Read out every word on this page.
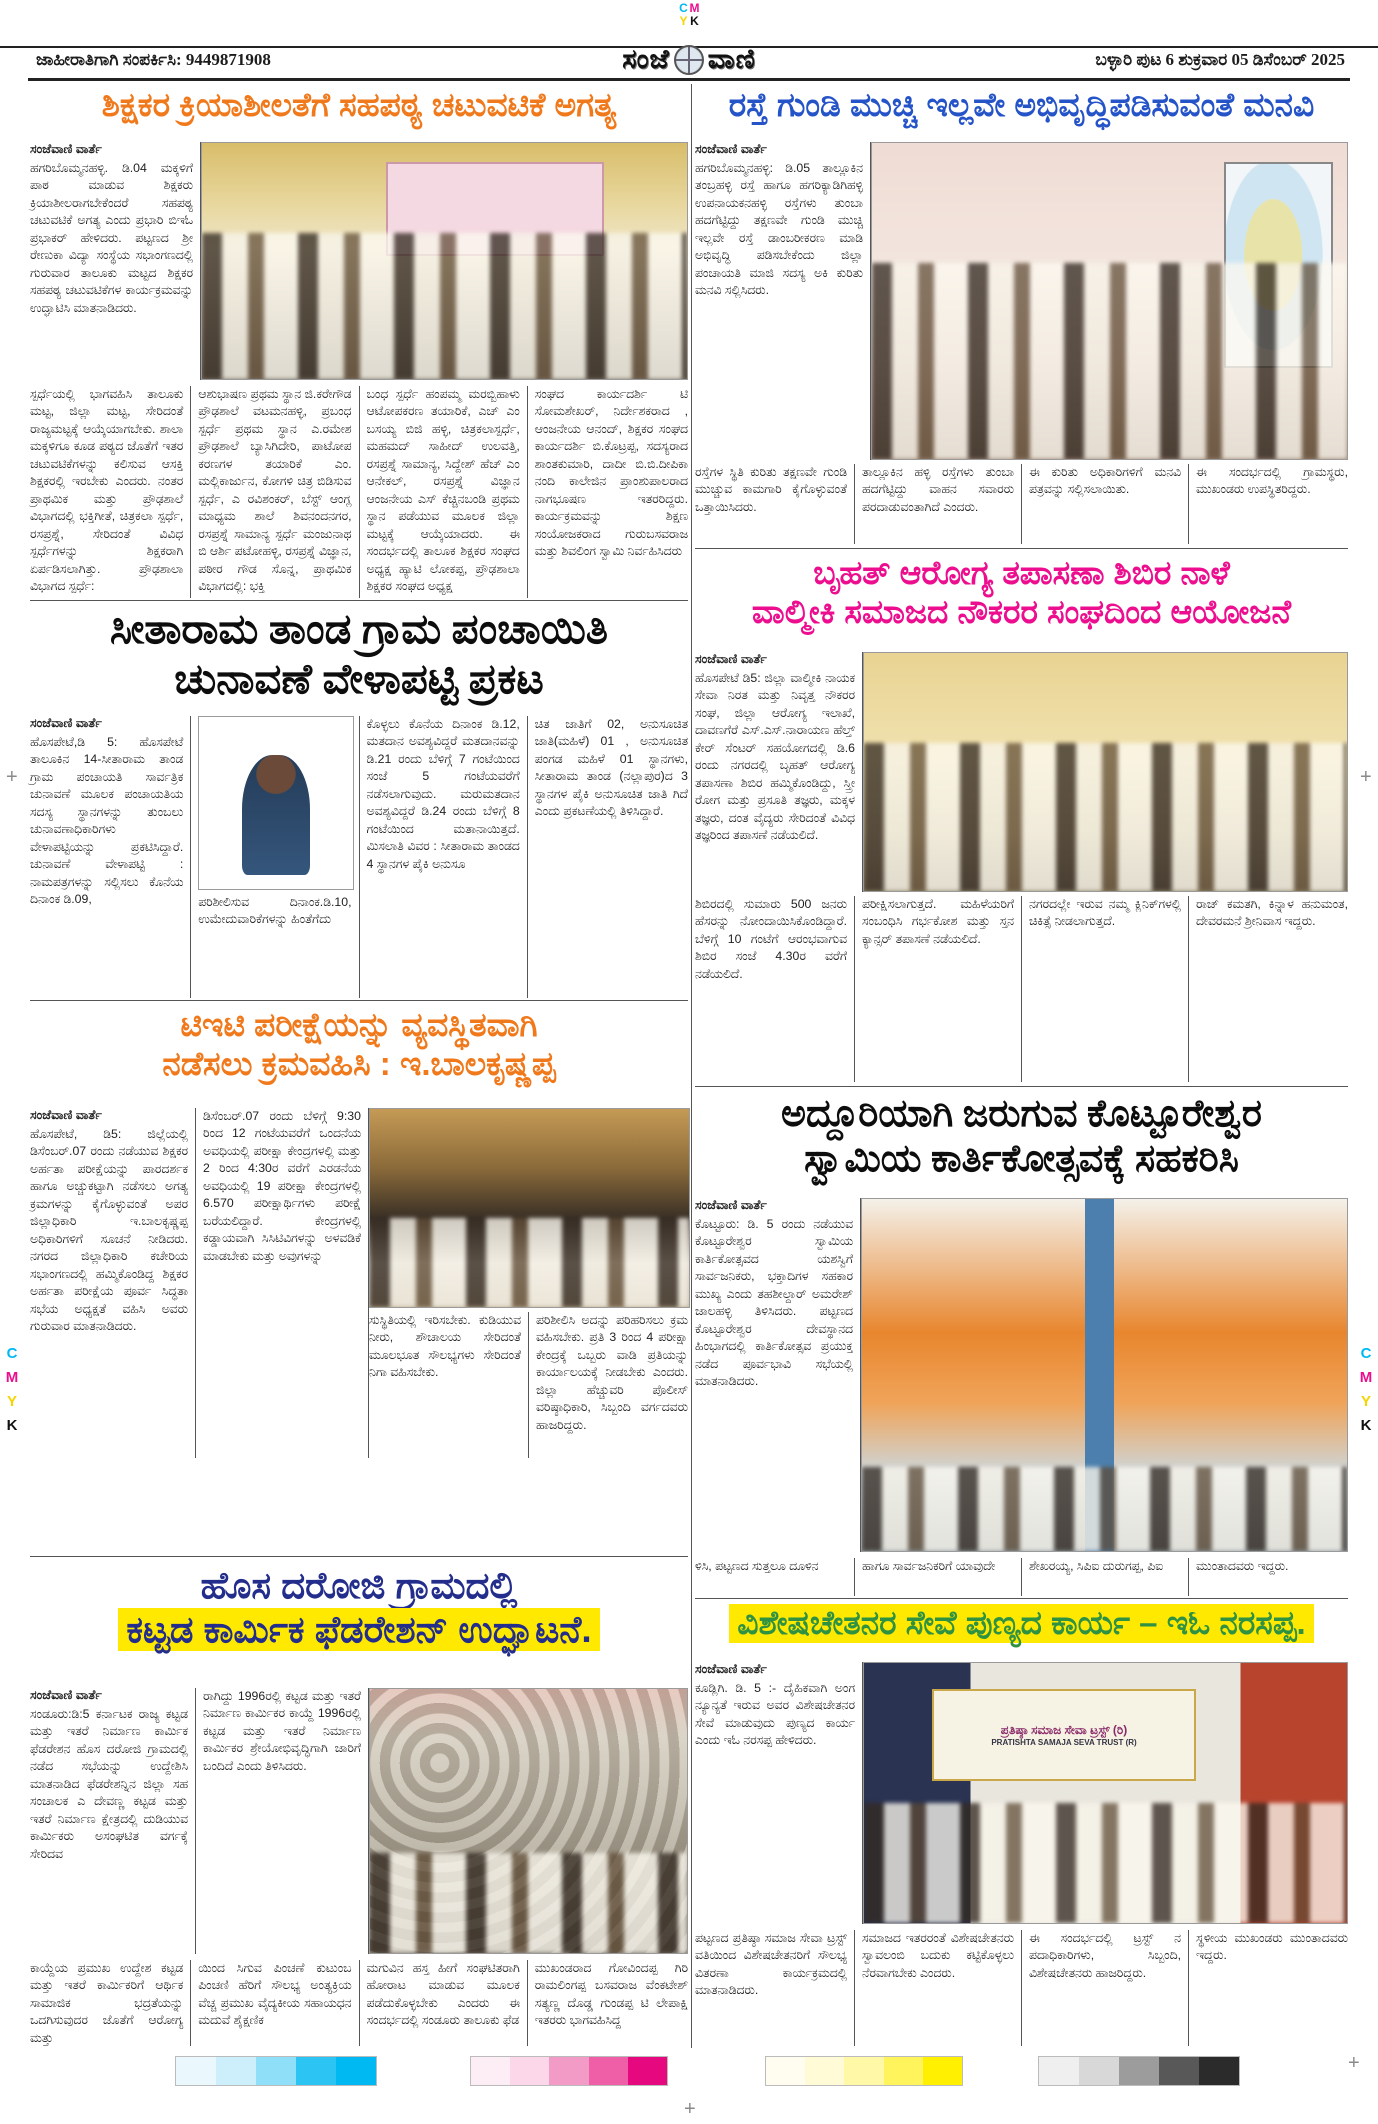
C M
Y K
ಜಾಹೀರಾತಿಗಾಗಿ ಸಂಪರ್ಕಿಸಿ: 9449871908	ಸಂಜೆ ವಾಣಿ	ಬಳ್ಳಾರಿ ಪುಟ 6 ಶುಕ್ರವಾರ 05 ಡಿಸೆಂಬರ್ 2025
ಶಿಕ್ಷಕರ ಕ್ರಿಯಾಶೀಲತೆಗೆ ಸಹಪಠ್ಯ ಚಟುವಟಿಕೆ ಅಗತ್ಯ
ಸಂಜೆವಾಣಿ ವಾರ್ತೆ
ಹಗರಿಬೊಮ್ಮನಹಳ್ಳಿ. ಡಿ.04 ಮಕ್ಕಳಿಗೆ ಪಾಠ ಮಾಡುವ ಶಿಕ್ಷಕರು ಕ್ರಿಯಾಶೀಲರಾಗಬೇಕೆಂದರೆ ಸಹಪಠ್ಯ ಚಟುವಟಿಕೆ ಅಗತ್ಯ ಎಂದು ಪ್ರಭಾರಿ ಬಿಇಓ ಪ್ರಭಾಕರ್ ಹೇಳಿದರು. ಪಟ್ಟಣದ ಶ್ರೀ ರೇಣುಕಾ ವಿದ್ಯಾ ಸಂಸ್ಥೆಯ ಸಭಾಂಗಣದಲ್ಲಿ ಗುರುವಾರ ತಾಲೂಕು ಮಟ್ಟದ ಶಿಕ್ಷಕರ ಸಹಪಠ್ಯ ಚಟುವಟಿಕೆಗಳ ಕಾರ್ಯಕ್ರಮವನ್ನು ಉದ್ಘಾಟಿಸಿ ಮಾತನಾಡಿದರು.
ಸ್ಪರ್ಧೆಯಲ್ಲಿ ಭಾಗವಹಿಸಿ ತಾಲೂಕು ಮಟ್ಟ, ಜಿಲ್ಲಾ ಮಟ್ಟ, ಸೇರಿದಂತೆ ರಾಜ್ಯಮಟ್ಟಕ್ಕೆ ಆಯ್ಕೆಯಾಗಬೇಕು. ಶಾಲಾ ಮಕ್ಕಳಿಗೂ ಕೂಡ ಪಠ್ಯದ ಜೊತೆಗೆ ಇತರ ಚಟುವಟಿಕೆಗಳನ್ನು ಕಲಿಸುವ ಆಸಕ್ತಿ ಶಿಕ್ಷಕರಲ್ಲಿ ಇರಬೇಕು ಎಂದರು. ನಂತರ ಪ್ರಾಥಮಿಕ ಮತ್ತು ಪ್ರೌಢಶಾಲೆ ವಿಭಾಗದಲ್ಲಿ ಭಕ್ತಿಗೀತೆ, ಚಿತ್ರಕಲಾ ಸ್ಪರ್ಧೆ, ರಸಪ್ರಶ್ನೆ, ಸೇರಿದಂತೆ ವಿವಿಧ ಸ್ಪರ್ಧೆಗಳನ್ನು ಶಿಕ್ಷಕರಾಗಿ ಏರ್ಪಡಿಸಲಾಗಿತ್ತು. ಪ್ರೌಢಶಾಲಾ ವಿಭಾಗದ ಸ್ಪರ್ಧೆ:
ಆಶುಭಾಷಣ ಪ್ರಥಮ ಸ್ಥಾನ ಜಿ.ಕರೇಗೌಡ ಪ್ರೌಢಶಾಲೆ ವಟಮನಹಳ್ಳಿ, ಪ್ರಬಂಧ ಸ್ಪರ್ಧೆ ಪ್ರಥಮ ಸ್ಥಾನ ಎ.ರಮೇಶ ಪ್ರೌಢಶಾಲೆ ಬ್ಯಾಸಿಗಿದೇರಿ, ಪಾಟೋಪ ಕರಣಗಳ ತಯಾರಿಕೆ ಎಂ. ಮಲ್ಲಿಕಾರ್ಜುನ, ಕೋಗಳಿ ಚಿತ್ರ ಬಿಡಿಸುವ ಸ್ಪರ್ಧೆ, ಎ ರವಿಶಂಕರ್, ಬೆಸ್ಟ್ ಆಂಗ್ಲ ಮಾಧ್ಯಮ ಶಾಲೆ ಶಿವನಂದನಗರ, ರಸಪ್ರಶ್ನೆ ಸಾಮಾನ್ಯ ಸ್ಪರ್ಧೆ ಮಂಜುನಾಥ ಬಿ ಆರ್ಶಿ ಪಟೋಹಳ್ಳಿ, ರಸಪ್ರಶ್ನೆ ವಿಜ್ಞಾನ, ಪಠೀರ ಗೌಡ ಸೊನ್ನ, ಪ್ರಾಥಮಿಕ ವಿಭಾಗದಲ್ಲಿ: ಭಕ್ತಿ
ಬಂಧ ಸ್ಪರ್ಧೆ ಹಂಪಮ್ಮ ಮರಬ್ಬಿಹಾಳು ಆಟೋಪಕರಣ ತಯಾರಿಕೆ, ಎಚ್ ಎಂ ಬಸಯ್ಯ ಬಿಜಿ ಹಳ್ಳಿ, ಚಿತ್ರಕಲಾಸ್ಪರ್ಧೆ, ಮಹಮದ್ ಸಾಹೀದ್ ಉಲವತ್ತಿ, ರಸಪ್ರಶ್ನೆ ಸಾಮಾನ್ಯ, ಸಿದ್ದೇಶ್ ಹೆಚ್ ಎಂ ಆನೇಕಲ್, ರಸಪ್ರಶ್ನೆ ವಿಜ್ಞಾನ ಆಂಜನೇಯ ಎಸ್ ಕೆಚ್ಚಿನಬಂಡಿ ಪ್ರಥಮ ಸ್ಥಾನ ಪಡೆಯುವ ಮೂಲಕ ಜಿಲ್ಲಾ ಮಟ್ಟಕ್ಕೆ ಆಯ್ಕೆಯಾದರು. ಈ ಸಂದರ್ಭದಲ್ಲಿ ತಾಲೂಕ ಶಿಕ್ಷಕರ ಸಂಘದ ಅಧ್ಯಕ್ಷ ಹ್ಯಾಟಿ ಲೋಕಪ್ಪ, ಪ್ರೌಢಶಾಲಾ ಶಿಕ್ಷಕರ ಸಂಘದ ಅಧ್ಯಕ್ಷ
ಸಂಘದ ಕಾರ್ಯದರ್ಶಿ ಟಿ ಸೋಮಶೇಖರ್, ನಿರ್ದೇಶಕರಾದ , ಆಂಜನೇಯ ಆನಂದ್, ಶಿಕ್ಷಕರ ಸಂಘದ ಕಾರ್ಯದರ್ಶಿ ಬಿ.ಕೊಟ್ರಪ್ಪ, ಸದಸ್ಯರಾದ ಶಾಂತಕುಮಾರಿ, ದಾದೀ ಬಿ.ಬಿ.ದೀಪಿಕಾ ನಂದಿ ಕಾಲೇಜಿನ ಪ್ರಾಂಶುಪಾಲರಾದ ನಾಗಭೂಷಣ ಇತರರಿದ್ದರು. ಕಾರ್ಯಕ್ರಮವನ್ನು ಶಿಕ್ಷಣ ಸಂಯೋಜಕರಾದ ಗುರುಬಸವರಾಜ ಮತ್ತು ಶಿವಲಿಂಗ ಸ್ವಾಮಿ ನಿರ್ವಹಿಸಿದರು
ಸೀತಾರಾಮ ತಾಂಡ ಗ್ರಾಮ ಪಂಚಾಯಿತಿ
ಚುನಾವಣೆ ವೇಳಾಪಟ್ಟಿ ಪ್ರಕಟ
ಸಂಜೆವಾಣಿ ವಾರ್ತೆ
ಹೊಸಪೇಟೆ,ಡಿ 5: ಹೊಸಪೇಟೆ ತಾಲೂಕಿನ 14-ಸೀತಾರಾಮ ತಾಂಡ ಗ್ರಾಮ ಪಂಚಾಯತಿ ಸಾರ್ವತ್ರಿಕ ಚುನಾವಣೆ ಮೂಲಕ ಪಂಚಾಯತಿಯ ಸದಸ್ಯ ಸ್ಥಾನಗಳನ್ನು ತುಂಬಲು ಚುನಾವಣಾಧಿಕಾರಿಗಳು ವೇಳಾಪಟ್ಟಿಯನ್ನು ಪ್ರಕಟಿಸಿದ್ದಾರೆ. ಚುನಾವಣೆ ವೇಳಾಪಟ್ಟಿ : ನಾಮಪತ್ರಗಳನ್ನು ಸಲ್ಲಿಸಲು ಕೊನೆಯ ದಿನಾಂಕ ಡಿ.09,	ಪರಿಶೀಲಿಸುವ ದಿನಾಂಕ.ಡಿ.10, ಉಮೇದುವಾರಿಕೆಗಳನ್ನು ಹಿಂತೆಗೆದು
ಕೊಳ್ಳಲು ಕೊನೆಯ ದಿನಾಂಕ ಡಿ.12, ಮತದಾನ ಅವಶ್ಯವಿದ್ದರೆ ಮತದಾನವನ್ನು ಡಿ.21 ರಂದು ಬೆಳಿಗ್ಗೆ 7 ಗಂಟೆಯಿಂದ ಸಂಜೆ 5 ಗಂಟೆಯವರೆಗೆ ನಡೆಸಲಾಗುವುದು. ಮರುಮತದಾನ ಅವಶ್ಯವಿದ್ದರೆ ಡಿ.24 ರಂದು ಬೆಳಿಗ್ಗೆ 8 ಗಂಟೆಯಿಂದ ಮತಾನಾಯಿತ್ತದೆ. ಮಿಸಲಾತಿ ವಿವರ : ಸೀತಾರಾಮ ತಾಂಡದ 4 ಸ್ಥಾನಗಳ ಪೈಕಿ ಅನುಸೂ
ಚಿತ ಜಾತಿಗೆ 02, ಅನುಸೂಚಿತ ಜಾತಿ(ಮಹಿಳೆ) 01 , ಅನುಸೂಚಿತ ಪಂಗಡ ಮಹಿಳೆ 01 ಸ್ಥಾನಗಳು, ಸೀತಾರಾಮ ತಾಂಡ (ನಲ್ಲಾಪುರ)ದ 3 ಸ್ಥಾನಗಳ ಪೈಕಿ ಅನುಸೂಚಿತ ಜಾತಿ ಗಿದೆ ಎಂದು ಪ್ರಕಟಣೆಯಲ್ಲಿ ತಿಳಿಸಿದ್ದಾರೆ.
ಟಿಇಟಿ ಪರೀಕ್ಷೆಯನ್ನು ವ್ಯವಸ್ಥಿತವಾಗಿ
ನಡೆಸಲು ಕ್ರಮವಹಿಸಿ : ಇ.ಬಾಲಕೃಷ್ಣಪ್ಪ
ಸಂಜೆವಾಣಿ ವಾರ್ತೆ
ಹೊಸಪೇಟೆ, ಡಿ5: ಜಿಲ್ಲೆಯಲ್ಲಿ ಡಿಸೆಂಬರ್.07 ರಂದು ನಡೆಯುವ ಶಿಕ್ಷಕರ ಅರ್ಹತಾ ಪರೀಕ್ಷೆಯನ್ನು ಪಾರದರ್ಶಕ ಹಾಗೂ ಅಚ್ಚುಕಟ್ಟಾಗಿ ನಡೆಸಲು ಅಗತ್ಯ ಕ್ರಮಗಳನ್ನು ಕೈಗೊಳ್ಳುವಂತೆ ಅಪರ ಜಿಲ್ಲಾಧಿಕಾರಿ ಇ.ಬಾಲಕೃಷ್ಣಪ್ಪ ಅಧಿಕಾರಿಗಳಿಗೆ ಸೂಚನೆ ನೀಡಿದರು. ನಗರದ ಜಿಲ್ಲಾಧಿಕಾರಿ ಕಚೇರಿಯ ಸಭಾಂಗಣದಲ್ಲಿ ಹಮ್ಮಿಕೊಂಡಿದ್ದ ಶಿಕ್ಷಕರ ಅರ್ಹತಾ ಪರೀಕ್ಷೆಯ ಪೂರ್ವ ಸಿದ್ಧತಾ ಸಭೆಯ ಅಧ್ಯಕ್ಷತೆ ವಹಿಸಿ ಅವರು ಗುರುವಾರ ಮಾತನಾಡಿದರು.
ಡಿಸೆಂಬರ್.07 ರಂದು ಬೆಳಿಗ್ಗೆ 9:30 ರಿಂದ 12 ಗಂಟೆಯವರೆಗೆ ಒಂದನೆಯ ಅವಧಿಯಲ್ಲಿ ಪರೀಕ್ಷಾ ಕೇಂದ್ರಗಳಲ್ಲಿ ಮತ್ತು 2 ರಿಂದ 4:30ರ ವರೆಗೆ ಎರಡನೆಯ ಅವಧಿಯಲ್ಲಿ 19 ಪರೀಕ್ಷಾ ಕೇಂದ್ರಗಳಲ್ಲಿ 6.570 ಪರೀಕ್ಷಾರ್ಥಿಗಳು ಪರೀಕ್ಷೆ ಬರೆಯಲಿದ್ದಾರೆ. ಕೇಂದ್ರಗಳಲ್ಲಿ ಕಡ್ಡಾಯವಾಗಿ ಸಿಸಿಟಿವಿಗಳನ್ನು ಅಳವಡಿಕೆ ಮಾಡಬೇಕು ಮತ್ತು ಅವುಗಳನ್ನು
ಸುಸ್ಥಿತಿಯಲ್ಲಿ ಇರಿಸಬೇಕು. ಕುಡಿಯುವ ನೀರು, ಶೌಚಾಲಯ ಸೇರಿದಂತೆ ಮೂಲಭೂತ ಸೌಲಭ್ಯಗಳು ಸೇರಿದಂತೆ ನಿಗಾ ವಹಿಸಬೇಕು.
ಪರಿಶೀಲಿಸಿ ಅದನ್ನು ಪರಿಹರಿಸಲು ಕ್ರಮ ವಹಿಸಬೇಕು. ಪ್ರತಿ 3 ರಿಂದ 4 ಪರೀಕ್ಷಾ ಕೇಂದ್ರಕ್ಕೆ ಒಬ್ಬರು ವಾಡಿ ಪ್ರತಿಯನ್ನು ಕಾರ್ಯಾಲಯಕ್ಕೆ ನೀಡಬೇಕು ಎಂದರು. ಜಿಲ್ಲಾ ಹೆಚ್ಚುವರಿ ಪೊಲೀಸ್ ವರಿಷ್ಠಾಧಿಕಾರಿ, ಸಿಬ್ಬಂದಿ ವರ್ಗದವರು ಹಾಜರಿದ್ದರು.
ಹೊಸ ದರೋಜಿ ಗ್ರಾಮದಲ್ಲಿ
ಕಟ್ಟಡ ಕಾರ್ಮಿಕ ಫೆಡರೇಶನ್ ಉದ್ಘಾಟನೆ.
ಸಂಜೆವಾಣಿ ವಾರ್ತೆ
ಸಂಡೂರು:ಡಿ:5 ಕರ್ನಾಟಕ ರಾಜ್ಯ ಕಟ್ಟಡ ಮತ್ತು ಇತರೆ ನಿರ್ಮಾಣ ಕಾರ್ಮಿಕ ಫೆಡರೇಶನ ಹೊಸ ದರೋಜಿ ಗ್ರಾಮದಲ್ಲಿ ನಡೆದ ಸಭೆಯನ್ನು ಉದ್ದೇಶಿಸಿ ಮಾತನಾಡಿದ ಫೆಡರೇಶನ್ನಿನ ಜಿಲ್ಲಾ ಸಹ ಸಂಚಾಲಕ ಎ ದೇವಣ್ಣ ಕಟ್ಟಡ ಮತ್ತು ಇತರೆ ನಿರ್ಮಾಣ ಕ್ಷೇತ್ರದಲ್ಲಿ ದುಡಿಯುವ ಕಾರ್ಮಿಕರು ಅಸಂಘಟಿತ ವರ್ಗಕ್ಕೆ ಸೇರಿದವ
ರಾಗಿದ್ದು 1996ರಲ್ಲಿ ಕಟ್ಟಡ ಮತ್ತು ಇತರೆ ನಿರ್ಮಾಣ ಕಾರ್ಮಿಕರ ಕಾಯ್ದೆ 1996ರಲ್ಲಿ ಕಟ್ಟಡ ಮತ್ತು ಇತರೆ ನಿರ್ಮಾಣ ಕಾರ್ಮಿಕರ ಶ್ರೇಯೋಭಿವೃದ್ಧಿಗಾಗಿ ಜಾರಿಗೆ ಬಂದಿದೆ ಎಂದು ತಿಳಿಸಿದರು.
ಕಾಯ್ದೆಯ ಪ್ರಮುಖ ಉದ್ದೇಶ ಕಟ್ಟಡ ಮತ್ತು ಇತರೆ ಕಾರ್ಮಿಕರಿಗೆ ಆರ್ಥಿಕ ಸಾಮಾಜಿಕ ಭದ್ರತೆಯನ್ನು ಒದಗಿಸುವುದರ ಜೊತೆಗೆ ಆರೋಗ್ಯ ಮತ್ತು
ಯಿಂದ ಸಿಗುವ ಪಿಂಚಣೆ ಕುಟುಂಬ ಪಿಂಚಣಿ ಹೆರಿಗೆ ಸೌಲಭ್ಯ ಅಂತ್ಯಕ್ರಿಯ ವೆಚ್ಚ ಪ್ರಮುಖ ವೈದ್ಯಕೀಯ ಸಹಾಯಧನ ಮದುವೆ ಶೈಕ್ಷಣಿಕ
ಮಗುವಿನ ಹಸ್ತ ಹೀಗೆ ಸಂಘಟಿತರಾಗಿ ಹೋರಾಟ ಮಾಡುವ ಮೂಲಕ ಪಡೆದುಕೊಳ್ಳಬೇಕು ಎಂದರು ಈ ಸಂದರ್ಭದಲ್ಲಿ ಸಂಡೂರು ತಾಲೂಕು ಫೆಡ
ಮುಖಂಡರಾದ ಗೋವಿಂದಪ್ಪ ಗಿರಿ ರಾಮಲಿಂಗಪ್ಪ ಬಸವರಾಜ ವೆಂಕಟೇಶ್ ಸತ್ಯಣ್ಣ ದೊಡ್ಡ ಗುಂಡಪ್ಪ ಟಿ ಲೇಪಾಕ್ಷಿ ಇತರರು ಭಾಗವಹಿಸಿದ್ದ
ರಸ್ತೆ ಗುಂಡಿ ಮುಚ್ಚಿ ಇಲ್ಲವೇ ಅಭಿವೃದ್ಧಿಪಡಿಸುವಂತೆ ಮನವಿ
ಸಂಜೆವಾಣಿ ವಾರ್ತೆ
ಹಗರಿಬೊಮ್ಮನಹಳ್ಳಿ: ಡಿ.05 ತಾಲ್ಲೂಕಿನ ತಂಬ್ರಹಳ್ಳಿ ರಸ್ತೆ ಹಾಗೂ ಹಗರಿಕ್ಯಾಡಿಗಿಹಳ್ಳಿ ಉಪನಾಯಕನಹಳ್ಳಿ ರಸ್ತೆಗಳು ತುಂಬಾ ಹದಗೆಟ್ಟಿದ್ದು ತಕ್ಷಣವೇ ಗುಂಡಿ ಮುಚ್ಚಿ ಇಲ್ಲವೇ ರಸ್ತೆ ಡಾಂಬರೀಕರಣ ಮಾಡಿ ಅಭಿವೃದ್ಧಿ ಪಡಿಸಬೇಕೆಂದು ಜಿಲ್ಲಾ ಪಂಚಾಯತಿ ಮಾಜಿ ಸದಸ್ಯ ಅಕಿ ಕುರಿತು ಮನವಿ ಸಲ್ಲಿಸಿದರು.
ರಸ್ತೆಗಳ ಸ್ಥಿತಿ ಕುರಿತು ತಕ್ಷಣವೇ ಗುಂಡಿ ಮುಚ್ಚುವ ಕಾಮಗಾರಿ ಕೈಗೊಳ್ಳುವಂತೆ ಒತ್ತಾಯಿಸಿದರು.
ತಾಲ್ಲೂಕಿನ ಹಳ್ಳಿ ರಸ್ತೆಗಳು ತುಂಬಾ ಹದಗೆಟ್ಟಿದ್ದು ವಾಹನ ಸವಾರರು ಪರದಾಡುವಂತಾಗಿದೆ ಎಂದರು.
ಈ ಕುರಿತು ಅಧಿಕಾರಿಗಳಿಗೆ ಮನವಿ ಪತ್ರವನ್ನು ಸಲ್ಲಿಸಲಾಯಿತು.
ಈ ಸಂದರ್ಭದಲ್ಲಿ ಗ್ರಾಮಸ್ಥರು, ಮುಖಂಡರು ಉಪಸ್ಥಿತರಿದ್ದರು.
ಬೃಹತ್ ಆರೋಗ್ಯ ತಪಾಸಣಾ ಶಿಬಿರ ನಾಳೆ
ವಾಲ್ಮೀಕಿ ಸಮಾಜದ ನೌಕರರ ಸಂಘದಿಂದ ಆಯೋಜನೆ
ಸಂಜೆವಾಣಿ ವಾರ್ತೆ
ಹೊಸಪೇಟೆ ಡಿ5: ಜಿಲ್ಲಾ ವಾಲ್ಮೀಕಿ ನಾಯಕ ಸೇವಾ ನಿರತ ಮತ್ತು ನಿವೃತ್ತ ನೌಕರರ ಸಂಘ, ಜಿಲ್ಲಾ ಆರೋಗ್ಯ ಇಲಾಖೆ, ದಾವಣಗೆರೆ ಎಸ್.ಎಸ್.ನಾರಾಯಣ ಹೆಲ್ತ್ ಕೇರ್ ಸೆಂಟರ್ ಸಹಯೋಗದಲ್ಲಿ ಡಿ.6 ರಂದು ನಗರದಲ್ಲಿ ಬೃಹತ್ ಆರೋಗ್ಯ ತಪಾಸಣಾ ಶಿಬಿರ ಹಮ್ಮಿಕೊಂಡಿದ್ದು, ಸ್ತ್ರೀ ರೋಗ ಮತ್ತು ಪ್ರಸೂತಿ ತಜ್ಞರು, ಮಕ್ಕಳ ತಜ್ಞರು, ದಂತ ವೈದ್ಯರು ಸೇರಿದಂತೆ ವಿವಿಧ ತಜ್ಞರಿಂದ ತಪಾಸಣೆ ನಡೆಯಲಿದೆ.
ಶಿಬಿರದಲ್ಲಿ ಸುಮಾರು 500 ಜನರು ಹೆಸರನ್ನು ನೋಂದಾಯಿಸಿಕೊಂಡಿದ್ದಾರೆ. ಬೆಳಿಗ್ಗೆ 10 ಗಂಟೆಗೆ ಆರಂಭವಾಗುವ ಶಿಬಿರ ಸಂಜೆ 4.30ರ ವರೆಗೆ ನಡೆಯಲಿದೆ.
ಪರೀಕ್ಷಿಸಲಾಗುತ್ತದೆ. ಮಹಿಳೆಯರಿಗೆ ಸಂಬಂಧಿಸಿ ಗರ್ಭಕೋಶ ಮತ್ತು ಸ್ತನ ಕ್ಯಾನ್ಸರ್ ತಪಾಸಣೆ ನಡೆಯಲಿದೆ.
ನಗರದಲ್ಲೇ ಇರುವ ನಮ್ಮ ಕ್ಲಿನಿಕ್‌ಗಳಲ್ಲಿ ಚಿಕಿತ್ಸೆ ನೀಡಲಾಗುತ್ತದೆ.
ರಾಜ್ ಕಮತಗಿ, ಕಿನ್ನಾಳ ಹನುಮಂತ, ದೇವರಮನೆ ಶ್ರೀನಿವಾಸ ಇದ್ದರು.
ಅದ್ದೂರಿಯಾಗಿ ಜರುಗುವ ಕೊಟ್ಟೂರೇಶ್ವರ
ಸ್ವಾಮಿಯ ಕಾರ್ತಿಕೋತ್ಸವಕ್ಕೆ ಸಹಕರಿಸಿ
ಸಂಜೆವಾಣಿ ವಾರ್ತೆ
ಕೊಟ್ಟೂರು: ಡಿ. 5 ರಂದು ನಡೆಯುವ ಕೊಟ್ಟೂರೇಶ್ವರ ಸ್ವಾಮಿಯ ಕಾರ್ತಿಕೋತ್ಸವದ ಯಶಸ್ವಿಗೆ ಸಾರ್ವಜನಿಕರು, ಭಕ್ತಾದಿಗಳ ಸಹಕಾರ ಮುಖ್ಯ ಎಂದು ತಹಶೀಲ್ದಾರ್ ಅಮರೇಶ್ ಜಾಲಹಳ್ಳಿ ತಿಳಿಸಿದರು. ಪಟ್ಟಣದ ಕೊಟ್ಟೂರೇಶ್ವರ ದೇವಸ್ಥಾನದ ಹಿಂಭಾಗದಲ್ಲಿ ಕಾರ್ತಿಕೋತ್ಸವ ಪ್ರಯುಕ್ತ ನಡೆದ ಪೂರ್ವಭಾವಿ ಸಭೆಯಲ್ಲಿ ಮಾತನಾಡಿದರು.
ಳಿಸಿ, ಪಟ್ಟಣದ ಸುತ್ತಲೂ ದೂಳಿನ	ಹಾಗೂ ಸಾರ್ವಜನಿಕರಿಗೆ ಯಾವುದೇ	ಶೇಖರಯ್ಯ, ಸಿಪಿಐ ದುರುಗಪ್ಪ, ಪಿಐ	ಮುಂತಾದವರು ಇದ್ದರು.
ವಿಶೇಷಚೇತನರ ಸೇವೆ ಪುಣ್ಯದ ಕಾರ್ಯ – ಇಓ ನರಸಪ್ಪ.
ಸಂಜೆವಾಣಿ ವಾರ್ತೆ
ಕೂಡ್ಲಿಗಿ. ಡಿ. 5 :- ದೈಹಿಕವಾಗಿ ಅಂಗ ನ್ಯೂನ್ಯತೆ ಇರುವ ಅವರ ವಿಶೇಷಚೇತನರ ಸೇವೆ ಮಾಡುವುದು ಪುಣ್ಯದ ಕಾರ್ಯ ಎಂದು ಇಓ ನರಸಪ್ಪ ಹೇಳಿದರು.
ಪ್ರತಿಷ್ಠಾ ಸಮಾಜ ಸೇವಾ ಟ್ರಸ್ಟ್ (ರಿ)
PRATISHTA SAMAJA SEVA TRUST (R)
ಪಟ್ಟಣದ ಪ್ರತಿಷ್ಠಾ ಸಮಾಜ ಸೇವಾ ಟ್ರಸ್ಟ್ ವತಿಯಿಂದ ವಿಶೇಷಚೇತನರಿಗೆ ಸೌಲಭ್ಯ ವಿತರಣಾ ಕಾರ್ಯಕ್ರಮದಲ್ಲಿ ಮಾತನಾಡಿದರು.
ಸಮಾಜದ ಇತರರಂತೆ ವಿಶೇಷಚೇತನರು ಸ್ವಾವಲಂಬಿ ಬದುಕು ಕಟ್ಟಿಕೊಳ್ಳಲು ನೆರವಾಗಬೇಕು ಎಂದರು.
ಈ ಸಂದರ್ಭದಲ್ಲಿ ಟ್ರಸ್ಟ್ ನ ಪದಾಧಿಕಾರಿಗಳು, ಸಿಬ್ಬಂದಿ, ವಿಶೇಷಚೇತನರು ಹಾಜರಿದ್ದರು.
ಸ್ಥಳೀಯ ಮುಖಂಡರು ಮುಂತಾದವರು ಇದ್ದರು.
C
M
Y
K
C
M
Y
K
+	+
+
+
